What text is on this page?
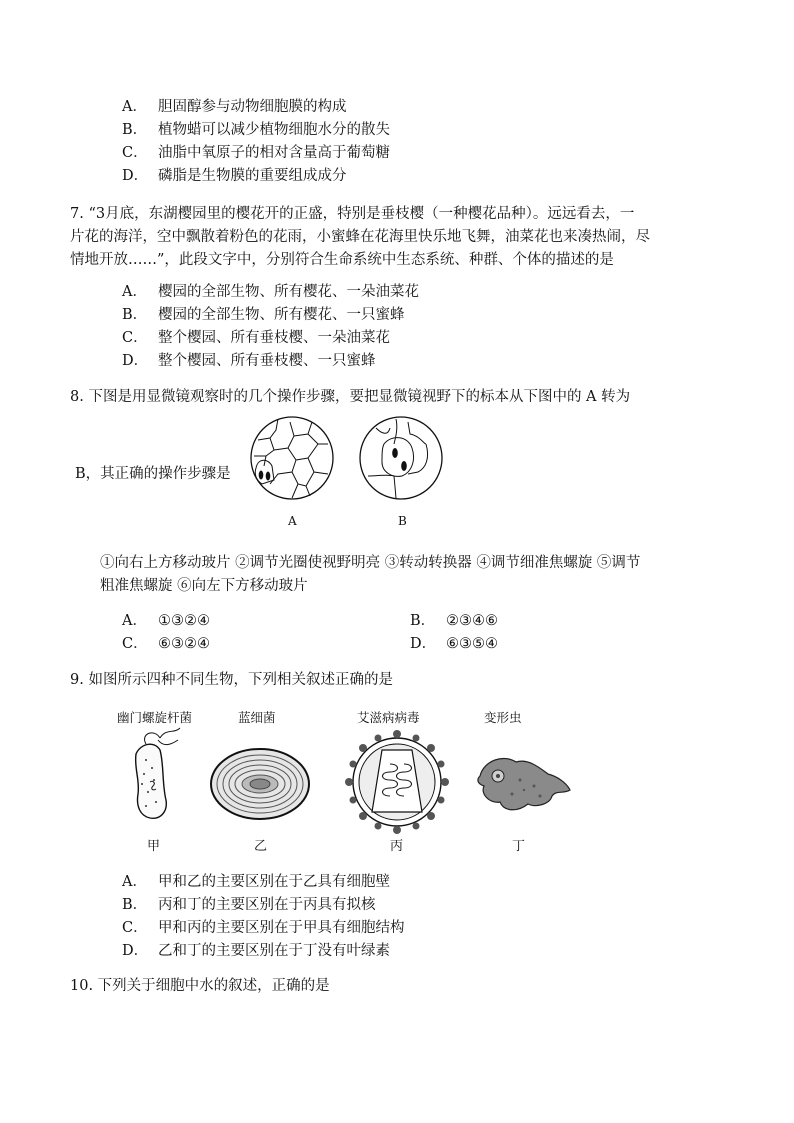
A． 胆固醇参与动物细胞膜的构成
B． 植物蜡可以减少植物细胞水分的散失
C． 油脂中氧原子的相对含量高于葡萄糖
D． 磷脂是生物膜的重要组成成分
7. “3月底，东湖樱园里的樱花开的正盛，特别是垂枝樱（一种樱花品种）。远远看去，一
片花的海洋，空中飘散着粉色的花雨，小蜜蜂在花海里快乐地飞舞，油菜花也来凑热闹，尽
情地开放……”，此段文字中，分别符合生命系统中生态系统、种群、个体的描述的是
A． 樱园的全部生物、所有樱花、一朵油菜花
B． 樱园的全部生物、所有樱花、一只蜜蜂
C． 整个樱园、所有垂枝樱、一朵油菜花
D． 整个樱园、所有垂枝樱、一只蜜蜂
8. 下图是用显微镜观察时的几个操作步骤，要把显微镜视野下的标本从下图中的 A 转为
B，其正确的操作步骤是
A	B
①向右上方移动玻片 ②调节光圈使视野明亮 ③转动转换器 ④调节细准焦螺旋 ⑤调节
粗准焦螺旋 ⑥向左下方移动玻片
A． ①③②④	B． ②③④⑥
C． ⑥③②④	D． ⑥③⑤④
9. 如图所示四种不同生物，下列相关叙述正确的是
幽门螺旋杆菌	蓝细菌	艾滋病病毒	变形虫
甲	乙	丙	丁
A． 甲和乙的主要区别在于乙具有细胞壁
B． 丙和丁的主要区别在于丙具有拟核
C． 甲和丙的主要区别在于甲具有细胞结构
D． 乙和丁的主要区别在于丁没有叶绿素
10. 下列关于细胞中水的叙述，正确的是
